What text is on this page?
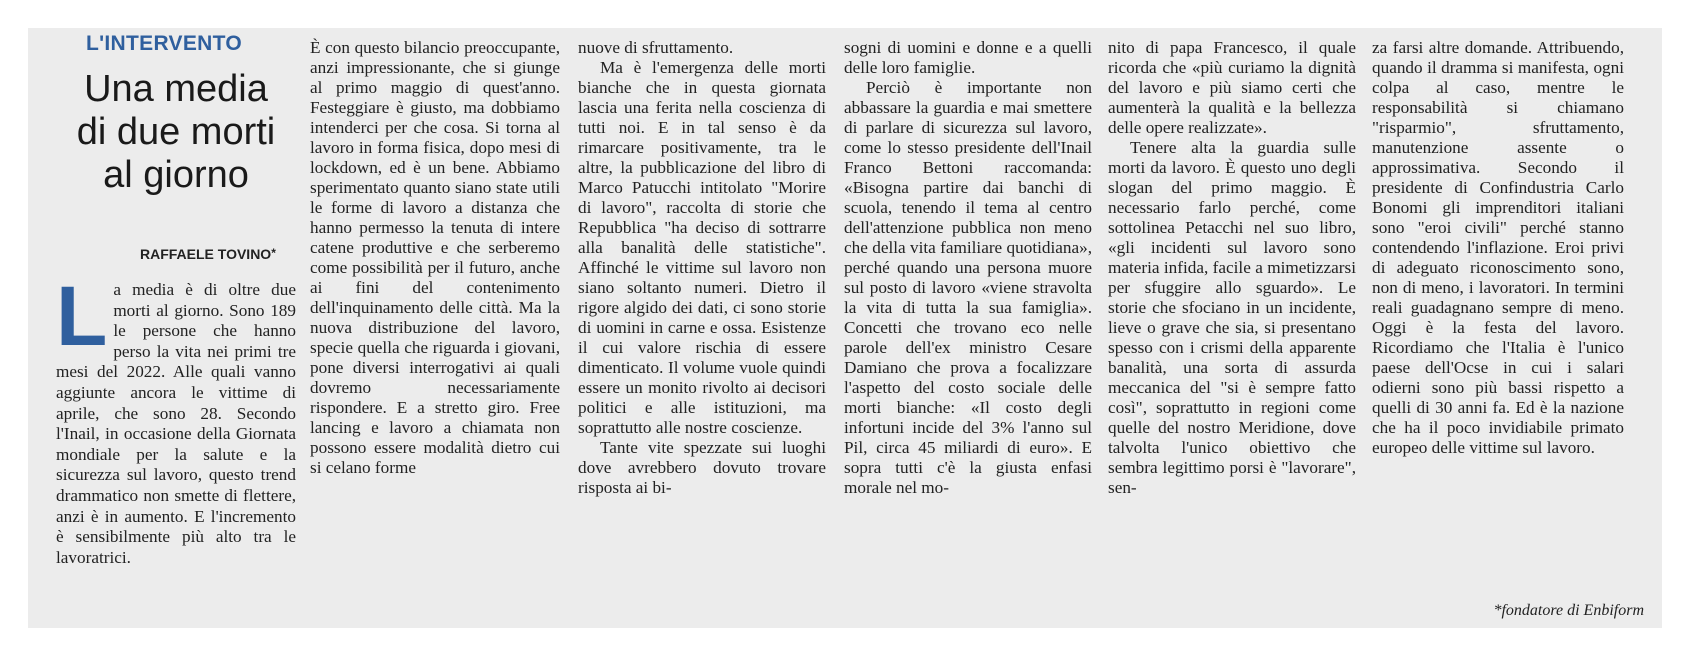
L'INTERVENTO
Una media
di due morti
al giorno

RAFFAELE TOVINO*

L a media è di oltre due morti al giorno. Sono 189 le persone che hanno perso la vita nei primi tre mesi del 2022. Alle quali vanno aggiunte ancora le vittime di aprile, che sono 28. Secondo l'Inail, in occasione della Giornata mondiale per la salute e la sicurezza sul lavoro, questo trend drammatico non smette di flettere, anzi è in aumento. E l'incremento è sensibilmente più alto tra le lavoratrici.

È con questo bilancio preoccupante, anzi impressionante, che si giunge al primo maggio di quest'anno. Festeggiare è giusto, ma dobbiamo intenderci per che cosa. Si torna al lavoro in forma fisica, dopo mesi di lockdown, ed è un bene. Abbiamo sperimentato quanto siano state utili le forme di lavoro a distanza che hanno permesso la tenuta di intere catene produttive e che serberemo come possibilità per il futuro, anche ai fini del contenimento dell'inquinamento delle città. Ma la nuova distribuzione del lavoro, specie quella che riguarda i giovani, pone diversi interrogativi ai quali dovremo necessariamente rispondere. E a stretto giro. Free lancing e lavoro a chiamata non possono essere modalità dietro cui si celano forme

nuove di sfruttamento.

Ma è l'emergenza delle morti bianche che in questa giornata lascia una ferita nella coscienza di tutti noi. E in tal senso è da rimarcare positivamente, tra le altre, la pubblicazione del libro di Marco Patucchi intitolato "Morire di lavoro", raccolta di storie che Repubblica "ha deciso di sottrarre alla banalità delle statistiche". Affinché le vittime sul lavoro non siano soltanto numeri. Dietro il rigore algido dei dati, ci sono storie di uomini in carne e ossa. Esistenze il cui valore rischia di essere dimenticato. Il volume vuole quindi essere un monito rivolto ai decisori politici e alle istituzioni, ma soprattutto alle nostre coscienze.

Tante vite spezzate sui luoghi dove avrebbero dovuto trovare risposta ai bi-

sogni di uomini e donne e a quelli delle loro famiglie.

Perciò è importante non abbassare la guardia e mai smettere di parlare di sicurezza sul lavoro, come lo stesso presidente dell'Inail Franco Bettoni raccomanda: «Bisogna partire dai banchi di scuola, tenendo il tema al centro dell'attenzione pubblica non meno che della vita familiare quotidiana», perché quando una persona muore sul posto di lavoro «viene stravolta la vita di tutta la sua famiglia». Concetti che trovano eco nelle parole dell'ex ministro Cesare Damiano che prova a focalizzare l'aspetto del costo sociale delle morti bianche: «Il costo degli infortuni incide del 3% l'anno sul Pil, circa 45 miliardi di euro». E sopra tutti c'è la giusta enfasi morale nel mo-

nito di papa Francesco, il quale ricorda che «più curiamo la dignità del lavoro e più siamo certi che aumenterà la qualità e la bellezza delle opere realizzate».

Tenere alta la guardia sulle morti da lavoro. È questo uno degli slogan del primo maggio. È necessario farlo perché, come sottolinea Petacchi nel suo libro, «gli incidenti sul lavoro sono materia infida, facile a mimetizzarsi per sfuggire allo sguardo». Le storie che sfociano in un incidente, lieve o grave che sia, si presentano spesso con i crismi della apparente banalità, una sorta di assurda meccanica del "si è sempre fatto così", soprattutto in regioni come quelle del nostro Meridione, dove talvolta l'unico obiettivo che sembra legittimo porsi è "lavorare", sen-

za farsi altre domande. Attribuendo, quando il dramma si manifesta, ogni colpa al caso, mentre le responsabilità si chiamano "risparmio", sfruttamento, manutenzione assente o approssimativa. Secondo il presidente di Confindustria Carlo Bonomi gli imprenditori italiani sono "eroi civili" perché stanno contendendo l'inflazione. Eroi privi di adeguato riconoscimento sono, non di meno, i lavoratori. In termini reali guadagnano sempre di meno. Oggi è la festa del lavoro. Ricordiamo che l'Italia è l'unico paese dell'Ocse in cui i salari odierni sono più bassi rispetto a quelli di 30 anni fa. Ed è la nazione che ha il poco invidiabile primato europeo delle vittime sul lavoro.

*fondatore di Enbiform
